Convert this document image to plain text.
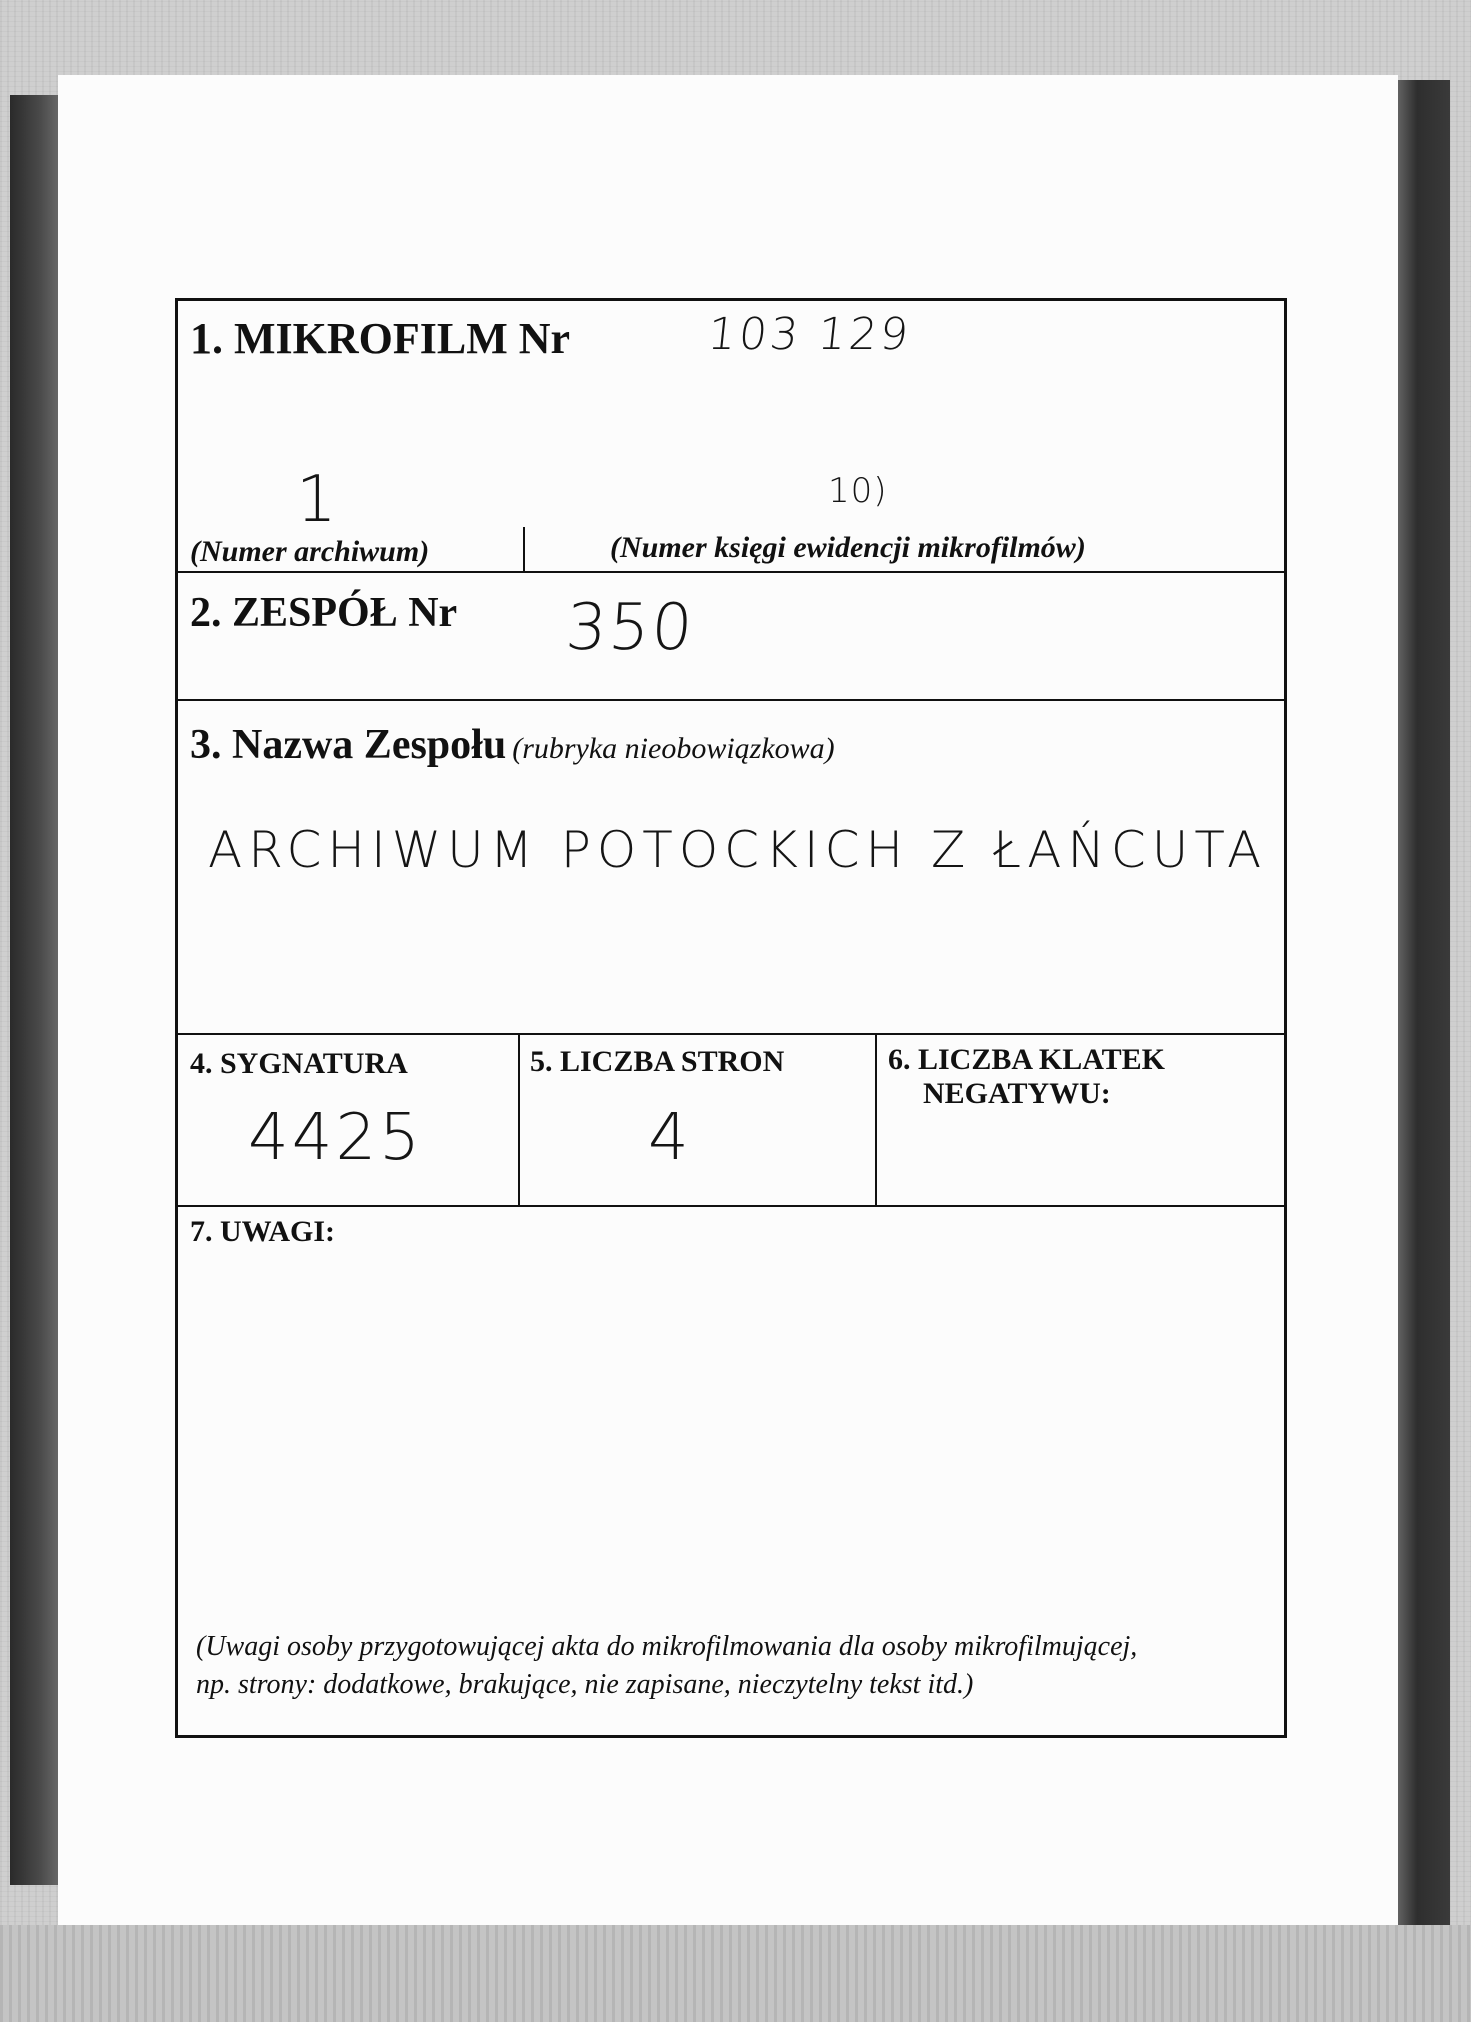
1. MIKROFILM Nr	103 129
1	10)
(Numer archiwum)	(Numer księgi ewidencji mikrofilmów)
2. ZESPÓŁ Nr 350
3. Nazwa Zespołu (rubryka nieobowiązkowa)
ARCHIWUM POTOCKICH Z ŁAŃCUTA
4. SYGNATURA	5. LICZBA STRON	6. LICZBA KLATEK
NEGATYWU:
4425	4
7. UWAGI:
(Uwagi osoby przygotowującej akta do mikrofilmowania dla osoby mikrofilmującej,
np. strony: dodatkowe, brakujące, nie zapisane, nieczytelny tekst itd.)
